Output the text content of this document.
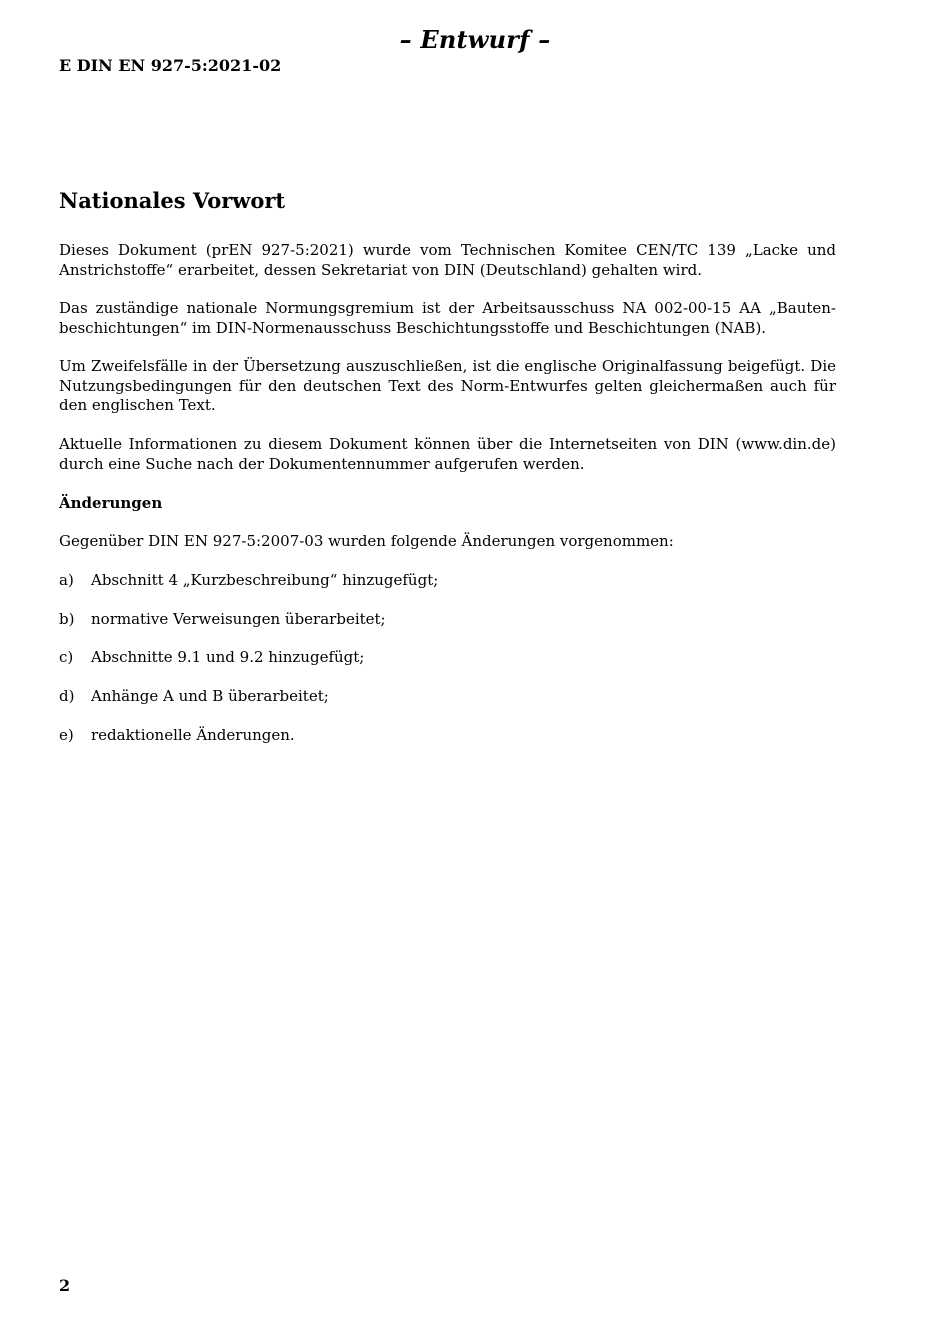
– Entwurf –
E DIN EN 927-5:2021-02
Nationales Vorwort

Dieses Dokument (prEN 927-5:2021) wurde vom Technischen Komitee CEN/TC 139 „Lacke und Anstrichstoffe“ erarbeitet, dessen Sekretariat von DIN (Deutschland) gehalten wird.

Das zuständige nationale Normungsgremium ist der Arbeitsausschuss NA 002-00-15 AA „Bauten-beschichtungen“ im DIN-Normenausschuss Beschichtungsstoffe und Beschichtungen (NAB).

Um Zweifelsfälle in der Übersetzung auszuschließen, ist die englische Originalfassung beigefügt. Die Nutzungsbedingungen für den deutschen Text des Norm-Entwurfes gelten gleichermaßen auch für den englischen Text.

Aktuelle Informationen zu diesem Dokument können über die Internetseiten von DIN (www.din.de) durch eine Suche nach der Dokumentennummer aufgerufen werden.

Änderungen

Gegenüber DIN EN 927-5:2007-03 wurden folgende Änderungen vorgenommen:

a) Abschnitt 4 „Kurzbeschreibung“ hinzugefügt;
b) normative Verweisungen überarbeitet;
c) Abschnitte 9.1 und 9.2 hinzugefügt;
d) Anhänge A und B überarbeitet;
e) redaktionelle Änderungen.
2
